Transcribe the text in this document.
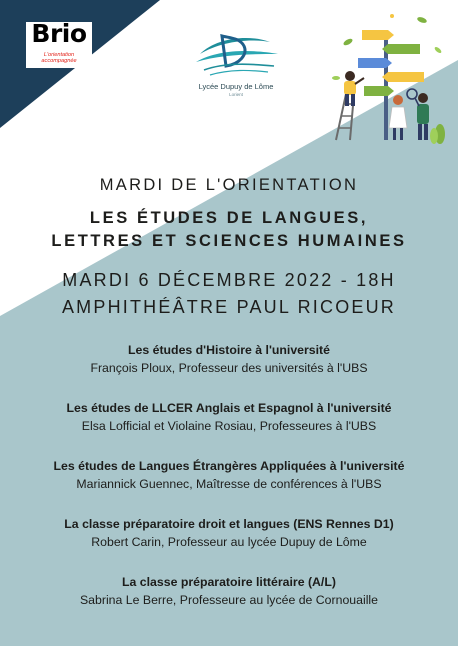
Brio
L'orientation
accompagnée
Lycée Dupuy de Lôme
Lorient
MARDI DE L'ORIENTATION
LES ÉTUDES DE LANGUES,
LETTRES ET SCIENCES HUMAINES
MARDI 6 DÉCEMBRE 2022 - 18H
AMPHITHÉÂTRE PAUL RICOEUR
Les études d'Histoire à l'université
François Ploux, Professeur des universités à l'UBS
Les études de LLCER Anglais et Espagnol à l'université
Elsa Lofficial et Violaine Rosiau, Professeures à l'UBS
Les études de Langues Étrangères Appliquées à l'université
Mariannick Guennec, Maîtresse de conférences à l'UBS
La classe préparatoire droit et langues (ENS Rennes D1)
Robert Carin, Professeur au lycée Dupuy de Lôme
La classe préparatoire littéraire (A/L)
Sabrina Le Berre, Professeure au lycée de Cornouaille
